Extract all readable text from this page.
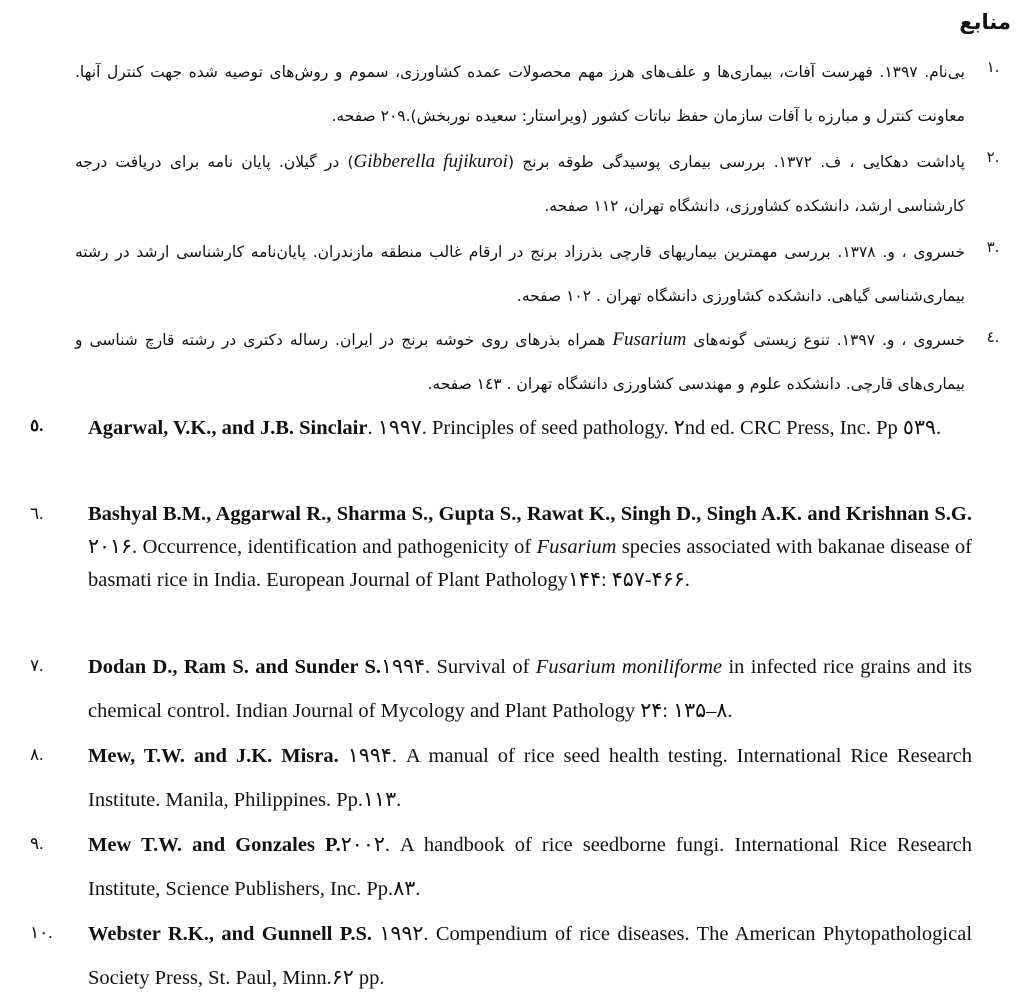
منابع
١.
بی‌نام. ١٣٩٧. فهرست آفات، بیماری‌ها و علف‌های هرز مهم محصولات عمده کشاورزی، سموم و روش‌های توصیه شده جهت کنترل آنها. معاونت کنترل و مبارزه با آفات سازمان حفظ نباتات کشور (ویراستار: سعیده نوربخش).٢٠٩ صفحه.
٢.
پاداشت دهکایی ، ف. ١٣٧٢. بررسی بیماری پوسیدگی طوقه برنج (Gibberella fujikuroi) در گیلان. پایان نامه برای دریافت درجه کارشناسی ارشد، دانشکده کشاورزی، دانشگاه تهران، ١١٢ صفحه.
٣.
خسروی ، و. ١٣٧٨. بررسی مهمترین بیماریهای قارچی بذرزاد برنج در ارقام غالب منطقه مازندران. پایان‌نامه کارشناسی ارشد در رشته بیماری‌شناسی گیاهی. دانشکده کشاورزی دانشگاه تهران . ١٠٢ صفحه.
٤.
خسروی ، و. ١٣٩٧. تنوع زیستی گونه‌های Fusarium همراه بذرهای روی خوشه برنج در ایران. رساله دکتری در رشته قارچ شناسی و بیماری‌های قارچی. دانشکده علوم و مهندسی کشاورزی دانشگاه تهران . ١٤٣ صفحه.
٥.	Agarwal, V.K., and J.B. Sinclair. ١٩٩٧. Principles of seed pathology. ٢nd ed. CRC Press, Inc. Pp ٥٣٩.
٦.	Bashyal B.M., Aggarwal R., Sharma S., Gupta S., Rawat K., Singh D., Singh A.K. and Krishnan S.G. ٢٠١۶. Occurrence, identification and pathogenicity of Fusarium species associated with bakanae disease of basmati rice in India. European Journal of Plant Pathology١۴۴: ۴۵٧-۴۶۶.
٧.	Dodan D., Ram S. and Sunder S.١٩٩۴. Survival of Fusarium moniliforme in infected rice grains and its chemical control. Indian Journal of Mycology and Plant Pathology ٢۴: ١٣۵–٨.
٨.	Mew, T.W. and J.K. Misra. ١٩٩۴. A manual of rice seed health testing. International Rice Research Institute. Manila, Philippines. Pp.١١٣.
٩.	Mew T.W. and Gonzales P.٢٠٠٢. A handbook of rice seedborne fungi. International Rice Research Institute, Science Publishers, Inc. Pp.٨٣.
١٠.	Webster R.K., and Gunnell P.S. ١٩٩٢. Compendium of rice diseases. The American Phytopathological Society Press, St. Paul, Minn.۶٢ pp.
